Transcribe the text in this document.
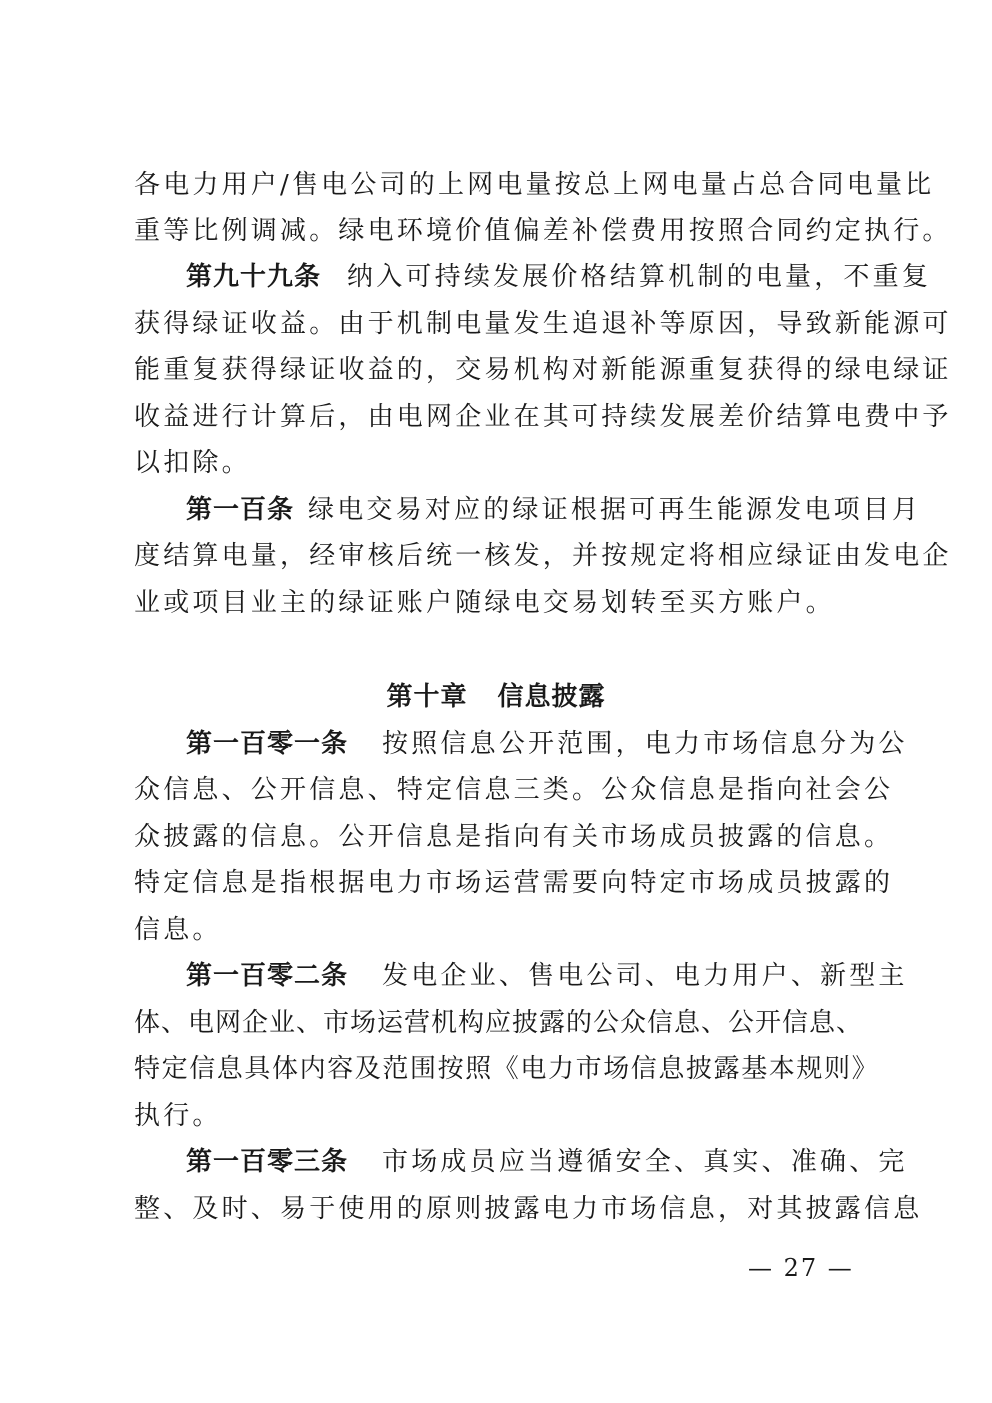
各电力用户/售电公司的上网电量按总上网电量占总合同电量比
重等比例调减。绿电环境价值偏差补偿费用按照合同约定执行。
第九十九条 纳入可持续发展价格结算机制的电量，不重复
获得绿证收益。由于机制电量发生追退补等原因，导致新能源可
能重复获得绿证收益的，交易机构对新能源重复获得的绿电绿证
收益进行计算后，由电网企业在其可持续发展差价结算电费中予
以扣除。
第一百条 绿电交易对应的绿证根据可再生能源发电项目月
度结算电量，经审核后统一核发，并按规定将相应绿证由发电企
业或项目业主的绿证账户随绿电交易划转至买方账户。
第十章 信息披露
第一百零一条 按照信息公开范围，电力市场信息分为公
众信息、公开信息、特定信息三类。公众信息是指向社会公
众披露的信息。公开信息是指向有关市场成员披露的信息。
特定信息是指根据电力市场运营需要向特定市场成员披露的
信息。
第一百零二条 发电企业、售电公司、电力用户、新型主
体、电网企业、市场运营机构应披露的公众信息、公开信息、
特定信息具体内容及范围按照《电力市场信息披露基本规则》
执行。
第一百零三条 市场成员应当遵循安全、真实、准确、完
整、及时、易于使用的原则披露电力市场信息，对其披露信息
— 27 —
